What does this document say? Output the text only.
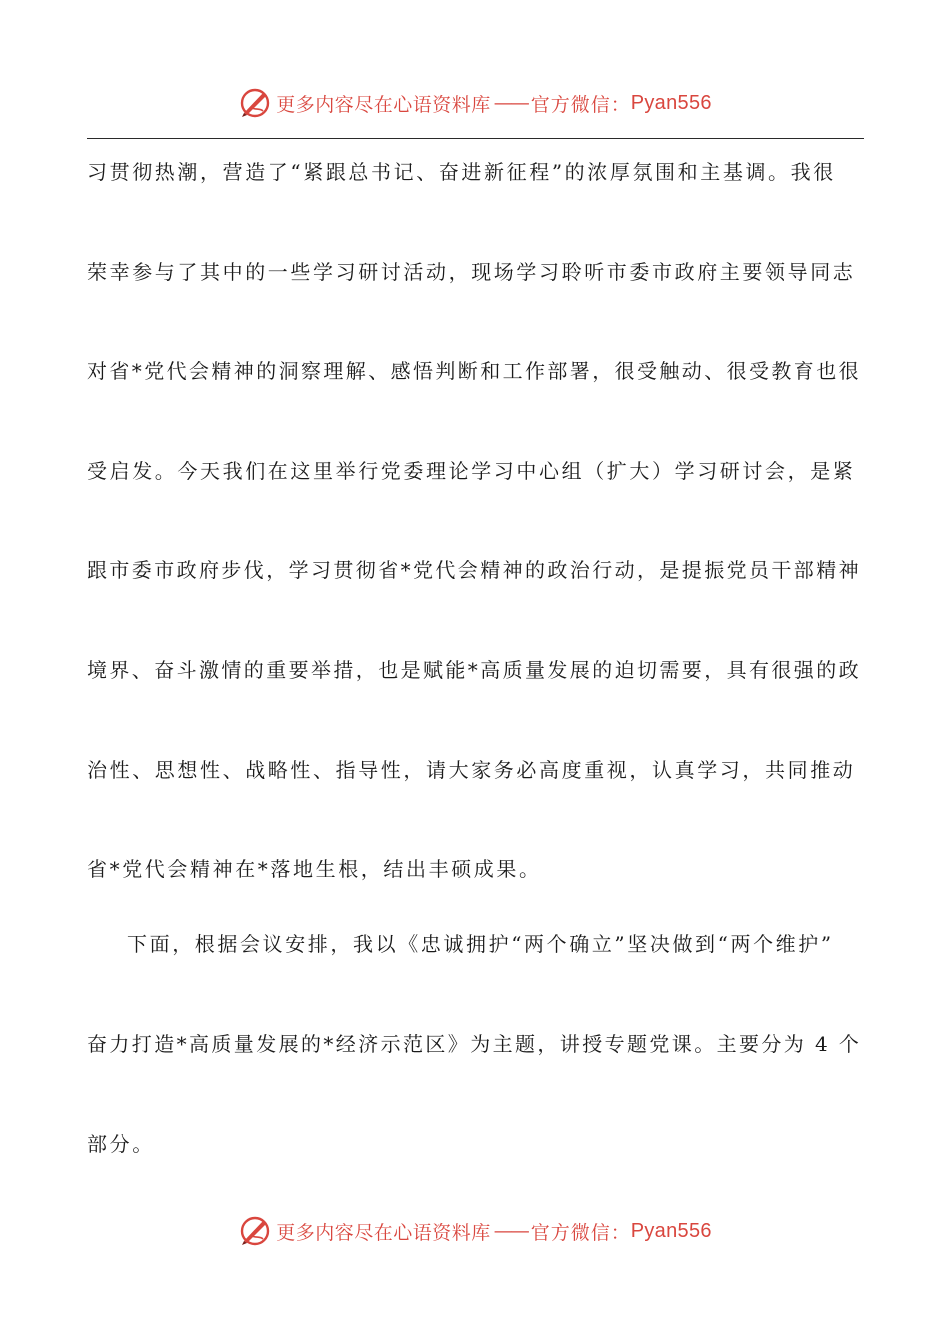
更多内容尽在心语资料库 —— 官方微信： Pyan556
习贯彻热潮，营造了“紧跟总书记、奋进新征程”的浓厚氛围和主基调。我很
荣幸参与了其中的一些学习研讨活动，现场学习聆听市委市政府主要领导同志
对省*党代会精神的洞察理解、感悟判断和工作部署，很受触动、很受教育也很
受启发。今天我们在这里举行党委理论学习中心组（扩大）学习研讨会，是紧
跟市委市政府步伐，学习贯彻省*党代会精神的政治行动，是提振党员干部精神
境界、奋斗激情的重要举措，也是赋能*高质量发展的迫切需要，具有很强的政
治性、思想性、战略性、指导性，请大家务必高度重视，认真学习，共同推动
省*党代会精神在*落地生根，结出丰硕成果。
下面，根据会议安排，我以《忠诚拥护“两个确立”坚决做到“两个维护”
奋力打造*高质量发展的*经济示范区》为主题，讲授专题党课。主要分为 4 个
部分。
更多内容尽在心语资料库 —— 官方微信： Pyan556
